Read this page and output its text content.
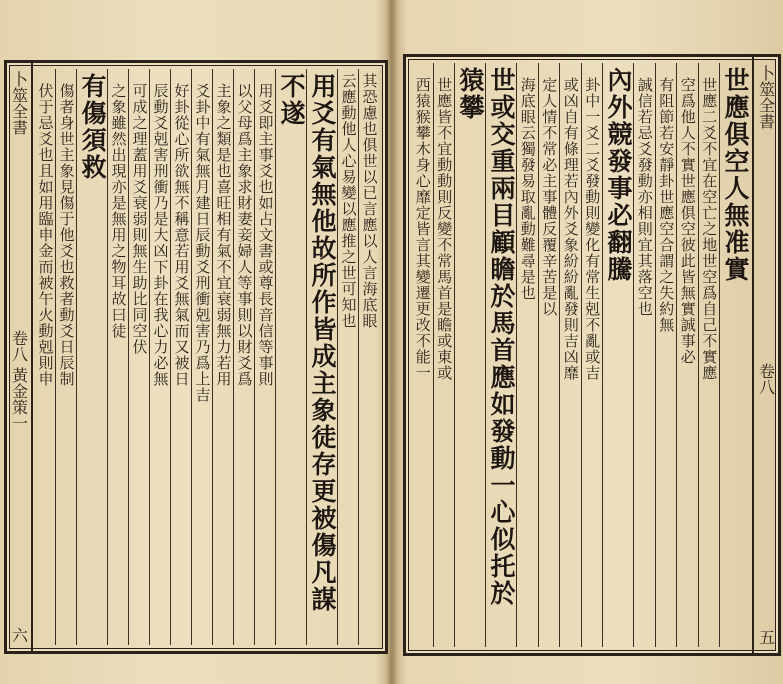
卜筮全書
卷八 黃金策一
六
其恐慮也俱世以已言應以人言海底眼
云應動他人心易變以應推之世可知也
用爻有氣無他故所作皆成主象徒存更被傷凡謀
不遂
用爻即主事爻也如占文書或尊長音信等事則
以父母爲主象求財妻妾婦人等事則以財爻爲
主象之類是也喜旺相有氣不宜衰弱無力若用
爻卦中有氣無月建日辰動爻刑衝剋害乃爲上吉
好卦從心所欲無不稱意若用爻無氣而又被日
辰動爻剋害刑衝乃是大凶下卦在我心力必無
可成之理蓋用爻衰弱則無生助比同空伏
之象雖然出現亦是無用之物耳故曰徒
有傷須救
傷者身世主象見傷于他爻也救者動爻日辰制
伏于忌爻也且如用臨申金而被午火動剋則申	卜筮全書
卷八
五
世應俱空人無准實
世應二爻不宜在空亡之地世空爲自己不實應
空爲他人不實世應俱空彼此皆無實誠事必
有阻節若安靜卦世應空合謂之失約無
誠信若忌爻發動亦相則宜其落空也
內外競發事必翻騰
卦中一爻二爻發動則變化有常生剋不亂或吉
或凶自有條理若內外爻象紛紛亂發則吉凶靡
定人情不常必主事體反覆辛苦是以
海底眼云獨發易取亂動難尋是也
世或交重兩目顧瞻於馬首應如發動一心似托於
猿攀
世應皆不宜動動則反變不常馬首是瞻或東或
西猿猴攀木身心靡定皆言其變遷更改不能一
